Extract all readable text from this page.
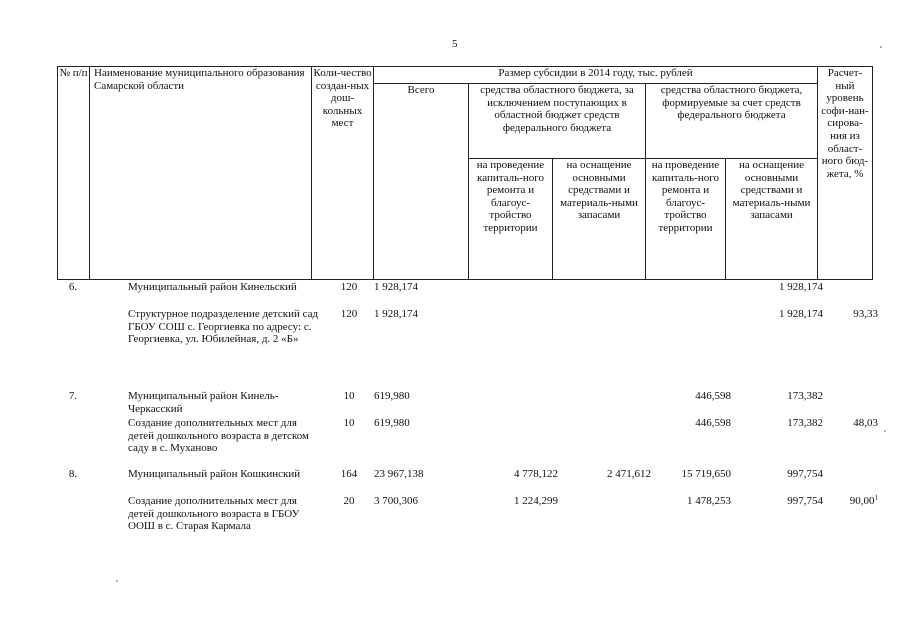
5
№ п/п	Наименование муниципального образования Самарской области	Коли-чество создан-ных дош-кольных мест	Размер субсидии в 2014 году, тыс. рублей					Расчет-ный уровень софи-нан-сирова-ния из област-ного бюд-жета, %
			Всего	средства областного бюджета, за исключением поступающих в областной бюджет средств федерального бюджета		средства областного бюджета, формируемые за счет средств федерального бюджета		
				на проведение капиталь-ного ремонта и благоус-тройство территории	на оснащение основными средствами и материаль-ными запасами	на проведение капиталь-ного ремонта и благоус-тройство территории	на оснащение основными средствами и материаль-ными запасами	
6.	Муниципальный район Кинельский	120	1 928,174				1 928,174	
	Структурное подразделение детский сад ГБОУ СОШ с. Георгиевка по адресу: с. Георгиевка, ул. Юбилейная, д. 2 «Б»	120	1 928,174				1 928,174	93,33
7.	Муниципальный район Кинель-Черкасский	10	619,980			446,598	173,382	
	Создание дополнительных мест для детей дошкольного возраста в детском саду в с. Муханово	10	619,980			446,598	173,382	48,03
8.	Муниципальный район Кошкинский	164	23 967,138	4 778,122	2 471,612	15 719,650	997,754	
	Создание дополнительных мест для детей дошкольного возраста в ГБОУ ООШ в с. Старая Кармала	20	3 700,306	1 224,299		1 478,253	997,754	90,00$^1$
